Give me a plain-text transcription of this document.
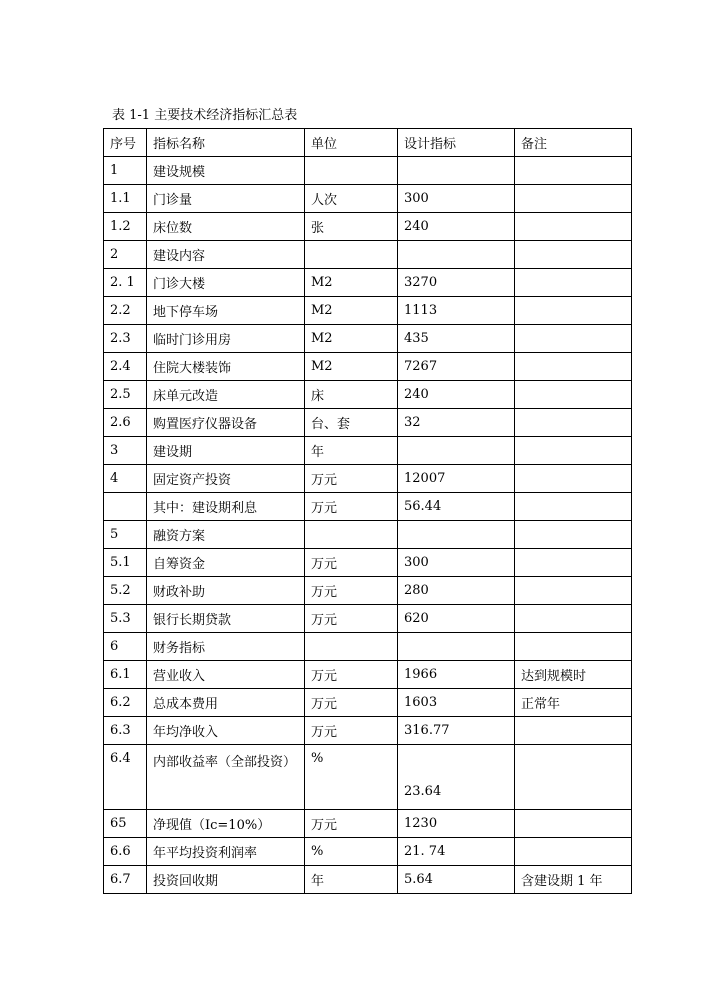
表 1-1 主要技术经济指标汇总表
序号	指标名称	单位	设计指标	备注
1	建设规模			
1.1	门诊量	人次	300	
1.2	床位数	张	240	
2	建设内容			
2. 1	门诊大楼	M2	3270	
2.2	地下停车场	M2	1113	
2.3	临时门诊用房	M2	435	
2.4	住院大楼装饰	M2	7267	
2.5	床单元改造	床	240	
2.6	购置医疗仪器设备	台、套	32	
3	建设期	年		
4	固定资产投资	万元	12007	
	其中：建设期利息	万元	56.44	
5	融资方案			
5.1	自筹资金	万元	300	
5.2	财政补助	万元	280	
5.3	银行长期贷款	万元	620	
6	财务指标			
6.1	营业收入	万元	1966	达到规模时
6.2	总成本费用	万元	1603	正常年
6.3	年均净收入	万元	316.77	
6.4	内部收益率（全部投资）	%	23.64	
65	净现值（Ic=10%）	万元	1230	
6.6	年平均投资利润率	%	21. 74	
6.7	投资回收期	年	5.64	含建设期 1 年
